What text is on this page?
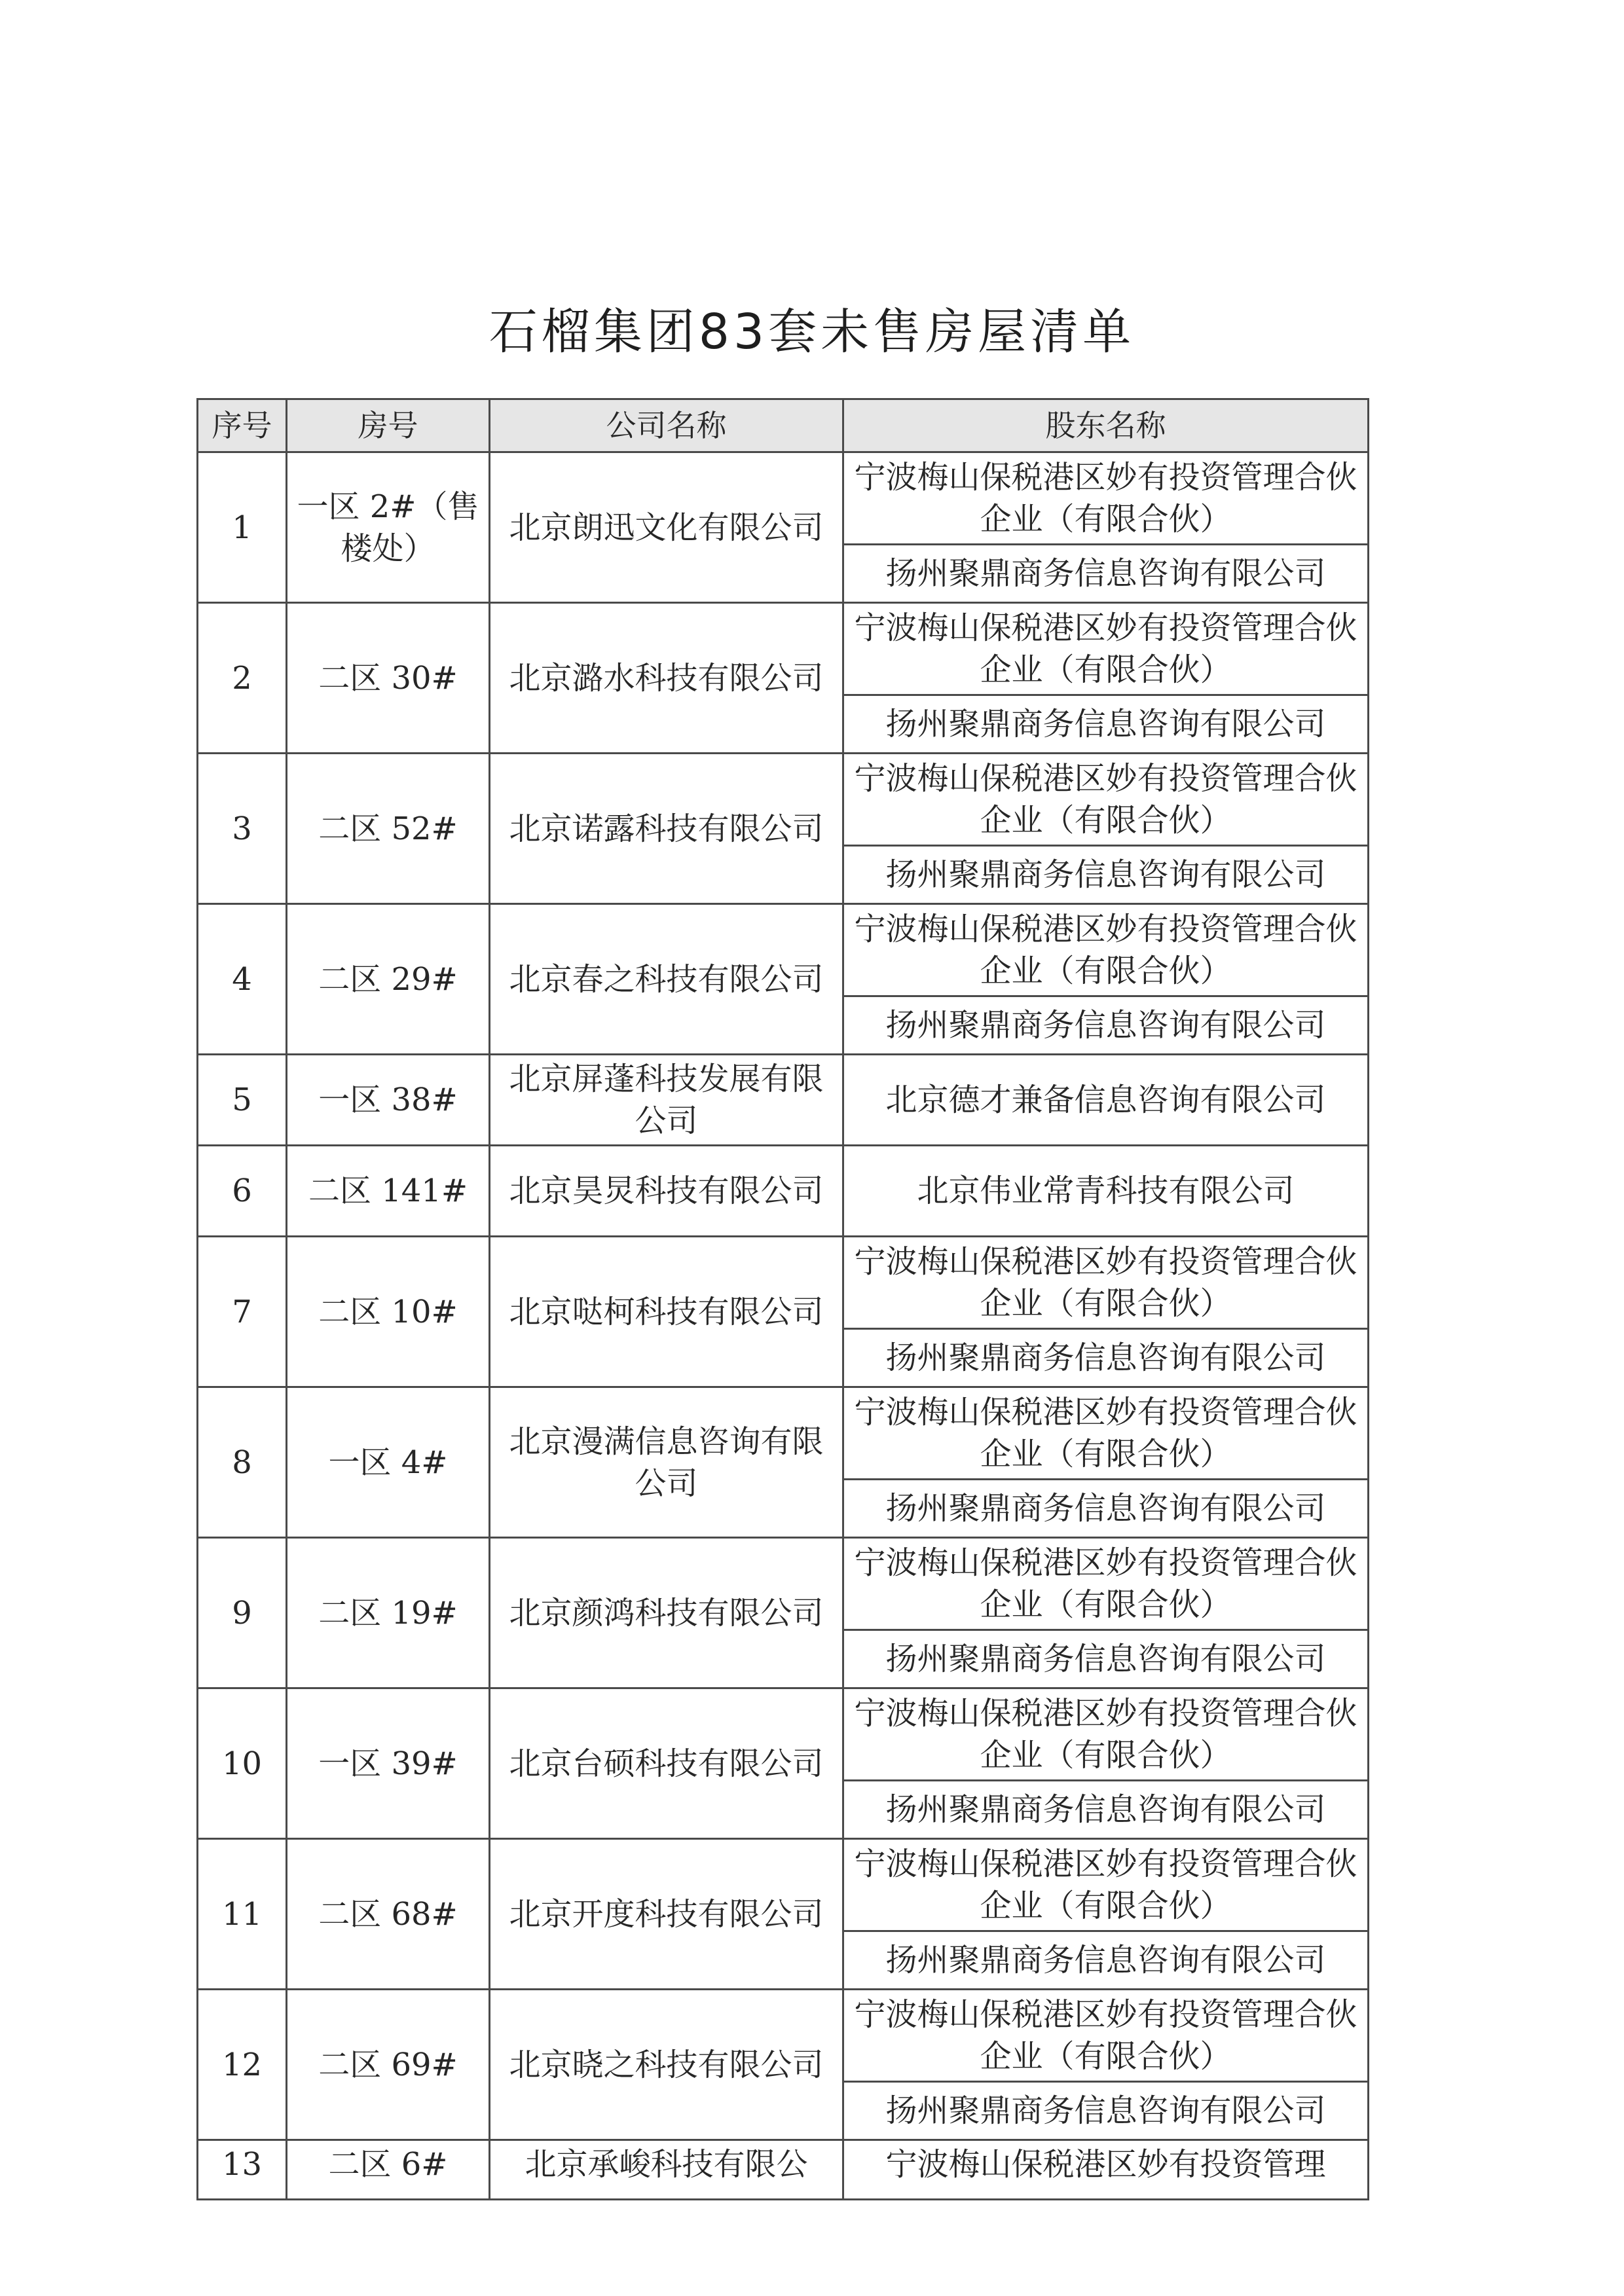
石榴集团83套未售房屋清单
序号	房号	公司名称	股东名称
1	一区 2#（售楼处）	北京朗迅文化有限公司	宁波梅山保税港区妙有投资管理合伙企业（有限合伙）
			扬州聚鼎商务信息咨询有限公司
2	二区 30#	北京潞水科技有限公司	宁波梅山保税港区妙有投资管理合伙企业（有限合伙）
			扬州聚鼎商务信息咨询有限公司
3	二区 52#	北京诺露科技有限公司	宁波梅山保税港区妙有投资管理合伙企业（有限合伙）
			扬州聚鼎商务信息咨询有限公司
4	二区 29#	北京春之科技有限公司	宁波梅山保税港区妙有投资管理合伙企业（有限合伙）
			扬州聚鼎商务信息咨询有限公司
5	一区 38#	北京屏蓬科技发展有限公司	北京德才兼备信息咨询有限公司
6	二区 141#	北京昊炅科技有限公司	北京伟业常青科技有限公司
7	二区 10#	北京哒柯科技有限公司	宁波梅山保税港区妙有投资管理合伙企业（有限合伙）
			扬州聚鼎商务信息咨询有限公司
8	一区 4#	北京漫满信息咨询有限公司	宁波梅山保税港区妙有投资管理合伙企业（有限合伙）
			扬州聚鼎商务信息咨询有限公司
9	二区 19#	北京颜鸿科技有限公司	宁波梅山保税港区妙有投资管理合伙企业（有限合伙）
			扬州聚鼎商务信息咨询有限公司
10	一区 39#	北京台硕科技有限公司	宁波梅山保税港区妙有投资管理合伙企业（有限合伙）
			扬州聚鼎商务信息咨询有限公司
11	二区 68#	北京开度科技有限公司	宁波梅山保税港区妙有投资管理合伙企业（有限合伙）
			扬州聚鼎商务信息咨询有限公司
12	二区 69#	北京晓之科技有限公司	宁波梅山保税港区妙有投资管理合伙企业（有限合伙）
			扬州聚鼎商务信息咨询有限公司
13	二区 6#	北京承峻科技有限公	宁波梅山保税港区妙有投资管理
